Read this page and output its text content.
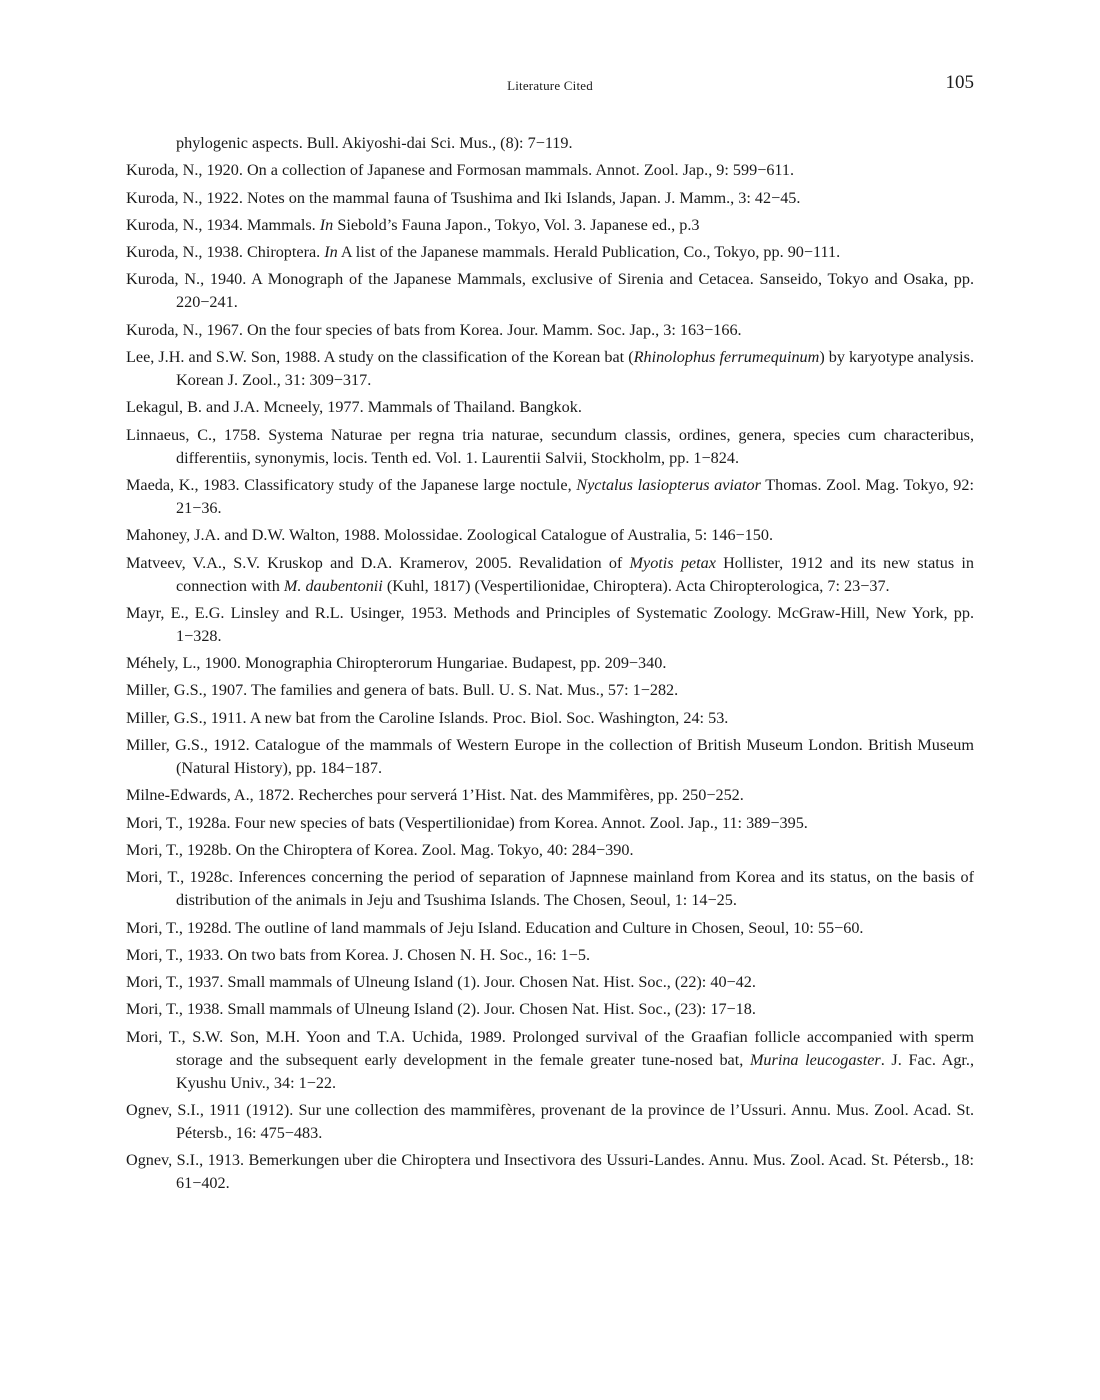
Literature Cited	105
phylogenic aspects. Bull. Akiyoshi-dai Sci. Mus., (8): 7−119.
Kuroda, N., 1920. On a collection of Japanese and Formosan mammals. Annot. Zool. Jap., 9: 599−611.
Kuroda, N., 1922. Notes on the mammal fauna of Tsushima and Iki Islands, Japan. J. Mamm., 3: 42−45.
Kuroda, N., 1934. Mammals. In Siebold’s Fauna Japon., Tokyo, Vol. 3. Japanese ed., p.3
Kuroda, N., 1938. Chiroptera. In A list of the Japanese mammals. Herald Publication, Co., Tokyo, pp. 90−111.
Kuroda, N., 1940. A Monograph of the Japanese Mammals, exclusive of Sirenia and Cetacea. Sanseido, Tokyo and Osaka, pp. 220−241.
Kuroda, N., 1967. On the four species of bats from Korea. Jour. Mamm. Soc. Jap., 3: 163−166.
Lee, J.H. and S.W. Son, 1988. A study on the classification of the Korean bat (Rhinolophus ferrumequinum) by karyotype analysis. Korean J. Zool., 31: 309−317.
Lekagul, B. and J.A. Mcneely, 1977. Mammals of Thailand. Bangkok.
Linnaeus, C., 1758. Systema Naturae per regna tria naturae, secundum classis, ordines, genera, species cum characteribus, differentiis, synonymis, locis. Tenth ed. Vol. 1. Laurentii Salvii, Stockholm, pp. 1−824.
Maeda, K., 1983. Classificatory study of the Japanese large noctule, Nyctalus lasiopterus aviator Thomas. Zool. Mag. Tokyo, 92: 21−36.
Mahoney, J.A. and D.W. Walton, 1988. Molossidae. Zoological Catalogue of Australia, 5: 146−150.
Matveev, V.A., S.V. Kruskop and D.A. Kramerov, 2005. Revalidation of Myotis petax Hollister, 1912 and its new status in connection with M. daubentonii (Kuhl, 1817) (Vespertilionidae, Chiroptera). Acta Chiropterologica, 7: 23−37.
Mayr, E., E.G. Linsley and R.L. Usinger, 1953. Methods and Principles of Systematic Zoology. McGraw-Hill, New York, pp. 1−328.
Méhely, L., 1900. Monographia Chiropterorum Hungariae. Budapest, pp. 209−340.
Miller, G.S., 1907. The families and genera of bats. Bull. U. S. Nat. Mus., 57: 1−282.
Miller, G.S., 1911. A new bat from the Caroline Islands. Proc. Biol. Soc. Washington, 24: 53.
Miller, G.S., 1912. Catalogue of the mammals of Western Europe in the collection of British Museum London. British Museum (Natural History), pp. 184−187.
Milne-Edwards, A., 1872. Recherches pour serverá 1’Hist. Nat. des Mammifères, pp. 250−252.
Mori, T., 1928a. Four new species of bats (Vespertilionidae) from Korea. Annot. Zool. Jap., 11: 389−395.
Mori, T., 1928b. On the Chiroptera of Korea. Zool. Mag. Tokyo, 40: 284−390.
Mori, T., 1928c. Inferences concerning the period of separation of Japnnese mainland from Korea and its status, on the basis of distribution of the animals in Jeju and Tsushima Islands. The Chosen, Seoul, 1: 14−25.
Mori, T., 1928d. The outline of land mammals of Jeju Island. Education and Culture in Chosen, Seoul, 10: 55−60.
Mori, T., 1933. On two bats from Korea. J. Chosen N. H. Soc., 16: 1−5.
Mori, T., 1937. Small mammals of Ulneung Island (1). Jour. Chosen Nat. Hist. Soc., (22): 40−42.
Mori, T., 1938. Small mammals of Ulneung Island (2). Jour. Chosen Nat. Hist. Soc., (23): 17−18.
Mori, T., S.W. Son, M.H. Yoon and T.A. Uchida, 1989. Prolonged survival of the Graafian follicle accompanied with sperm storage and the subsequent early development in the female greater tune-nosed bat, Murina leucogaster. J. Fac. Agr., Kyushu Univ., 34: 1−22.
Ognev, S.I., 1911 (1912). Sur une collection des mammifères, provenant de la province de l’Ussuri. Annu. Mus. Zool. Acad. St. Pétersb., 16: 475−483.
Ognev, S.I., 1913. Bemerkungen uber die Chiroptera und Insectivora des Ussuri-Landes. Annu. Mus. Zool. Acad. St. Pétersb., 18: 61−402.
